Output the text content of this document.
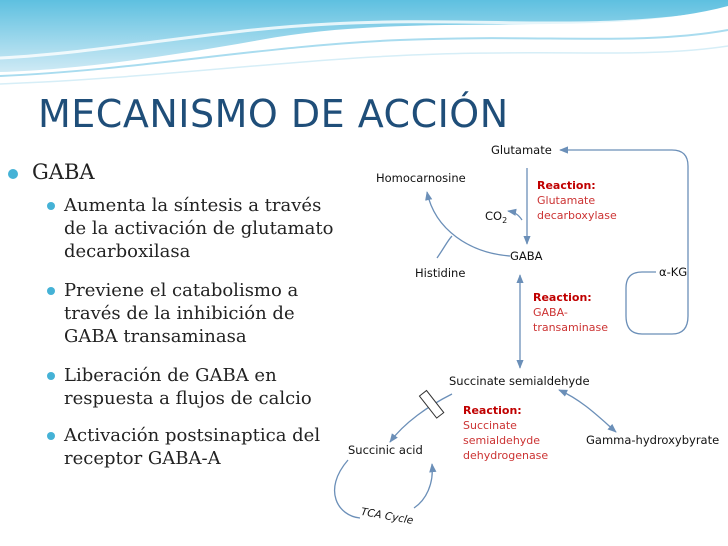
MECANISMO DE ACCIÓN
GABA
Aumenta la síntesis a través de la activación de glutamato decarboxilasa
Previene el catabolismo a través de la inhibición de GABA transaminasa
Liberación de GABA en respuesta a flujos de calcio
Activación postsinaptica del receptor GABA-A
Glutamate
Homocarnosine
$CO_2$
GABA
Histidine	α-KG
Succinate semialdehyde
Succinic acid
Gamma-hydroxybyrate
TCA Cycle
Reaction:
Glutamate
decarboxylase
Reaction:
GABA-
transaminase
Reaction:
Succinate
semialdehyde
dehydrogenase
